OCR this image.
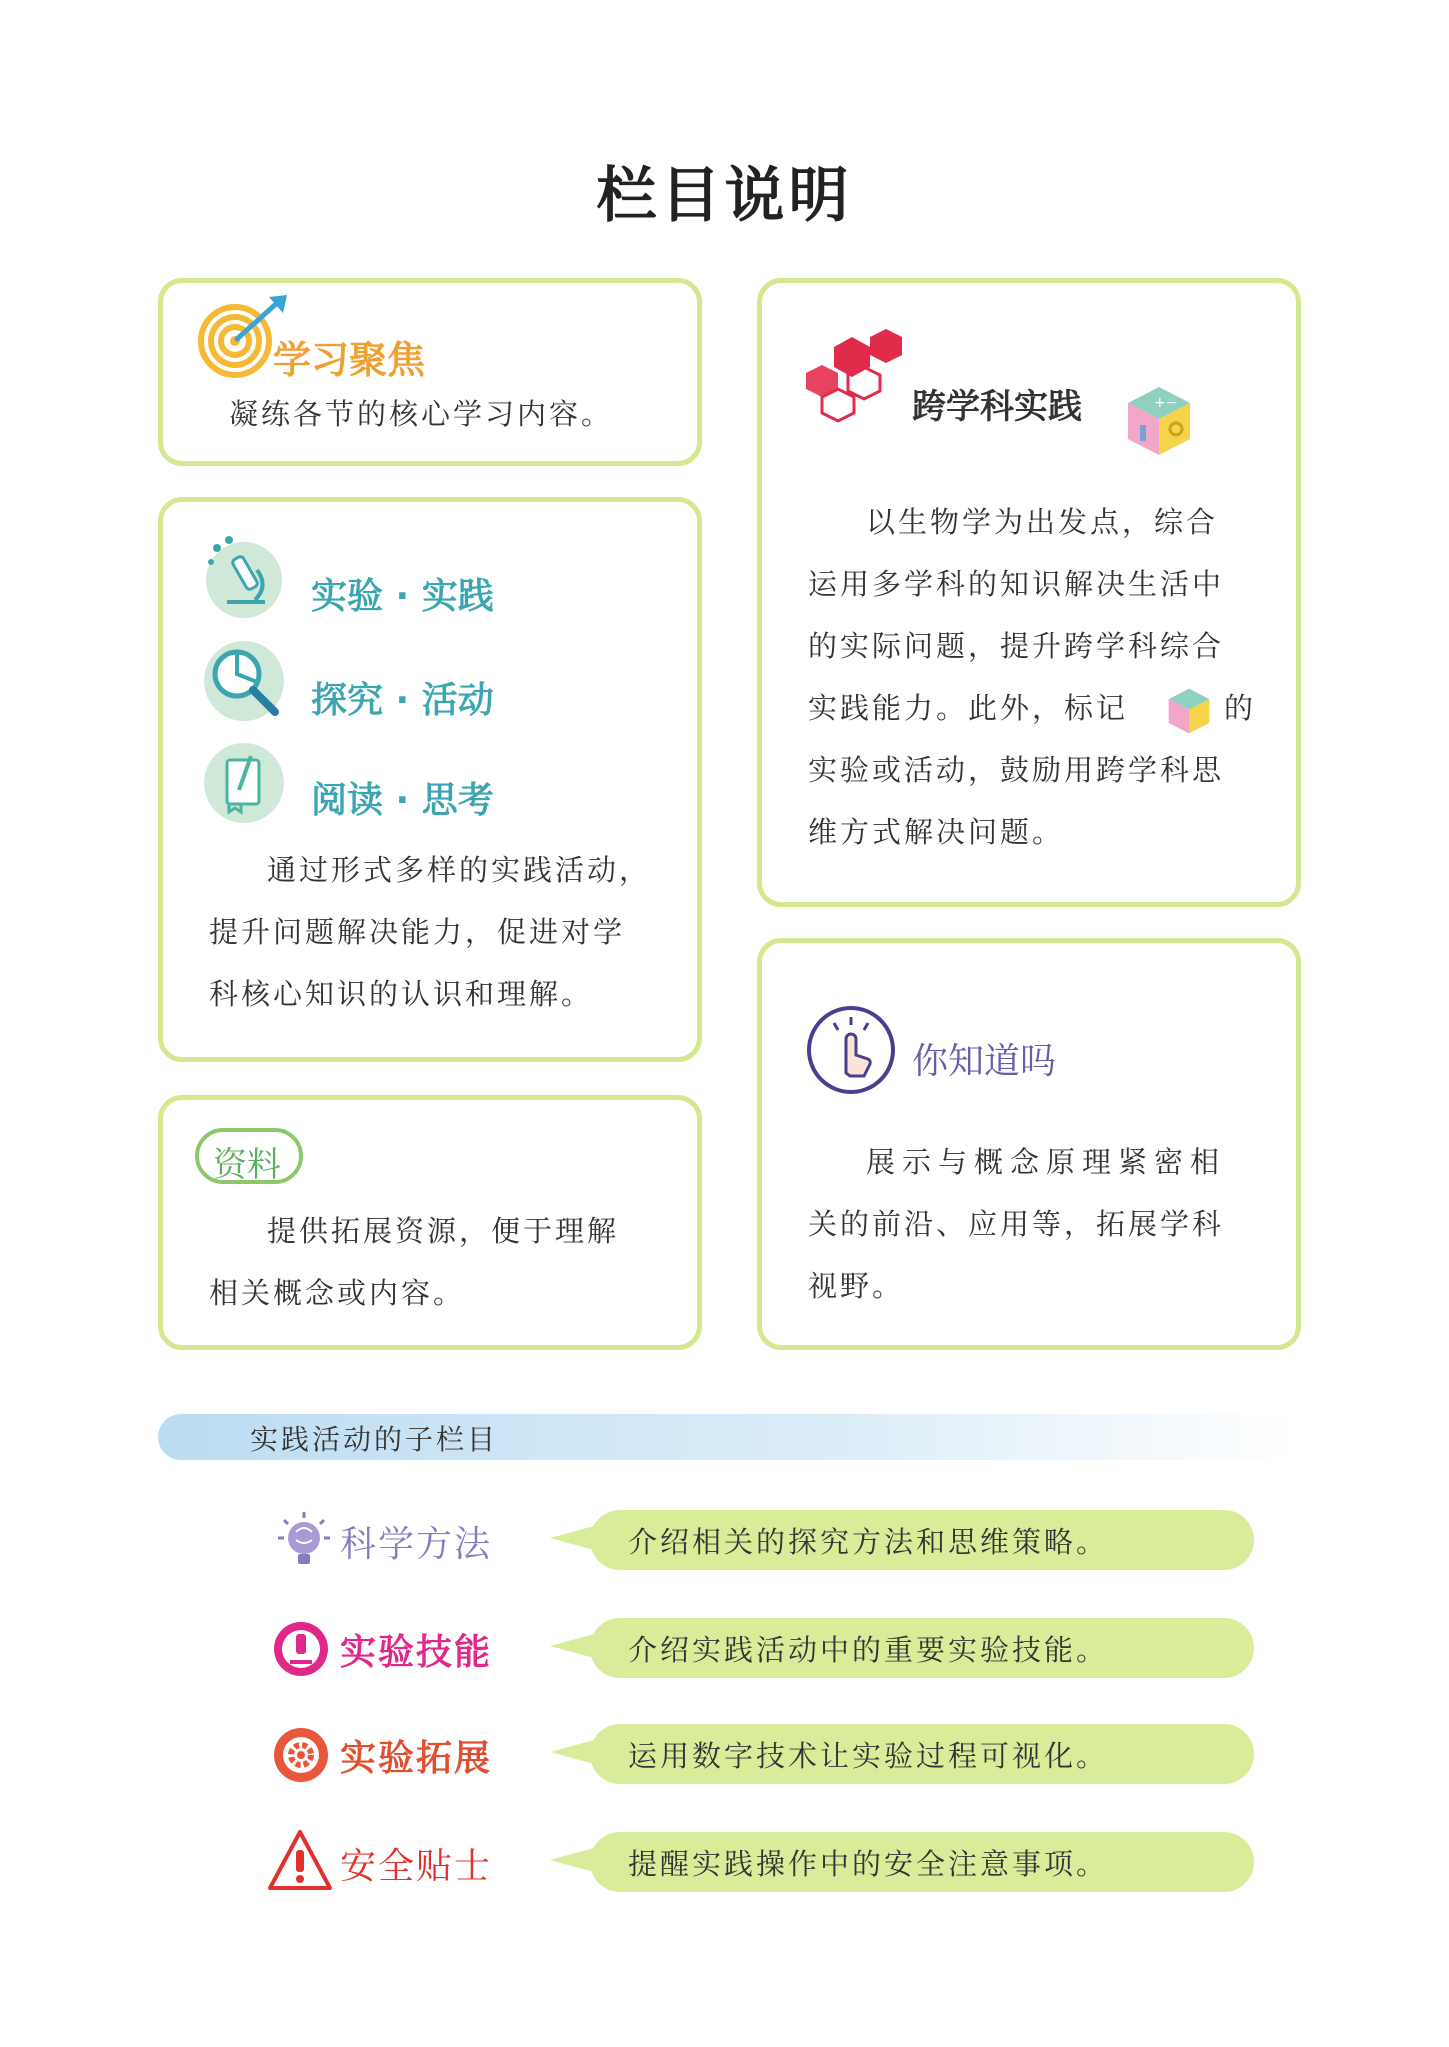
栏目说明
学习聚焦
凝练各节的核心学习内容。
实验 · 实践
探究 · 活动
阅读 · 思考
通过形式多样的实践活动，
提升问题解决能力，促进对学
科核心知识的认识和理解。
资料
提供拓展资源，便于理解
相关概念或内容。
跨学科实践	+−
以生物学为出发点，综合
运用多学科的知识解决生活中
的实际问题，提升跨学科综合
实践能力。此外，标记	的
实验或活动，鼓励用跨学科思
维方式解决问题。
你知道吗
展示与概念原理紧密相
关的前沿、应用等，拓展学科
视野。
实践活动的子栏目
科学方法	介绍相关的探究方法和思维策略。
实验技能	介绍实践活动中的重要实验技能。
实验拓展	运用数字技术让实验过程可视化。
安全贴士	提醒实践操作中的安全注意事项。
